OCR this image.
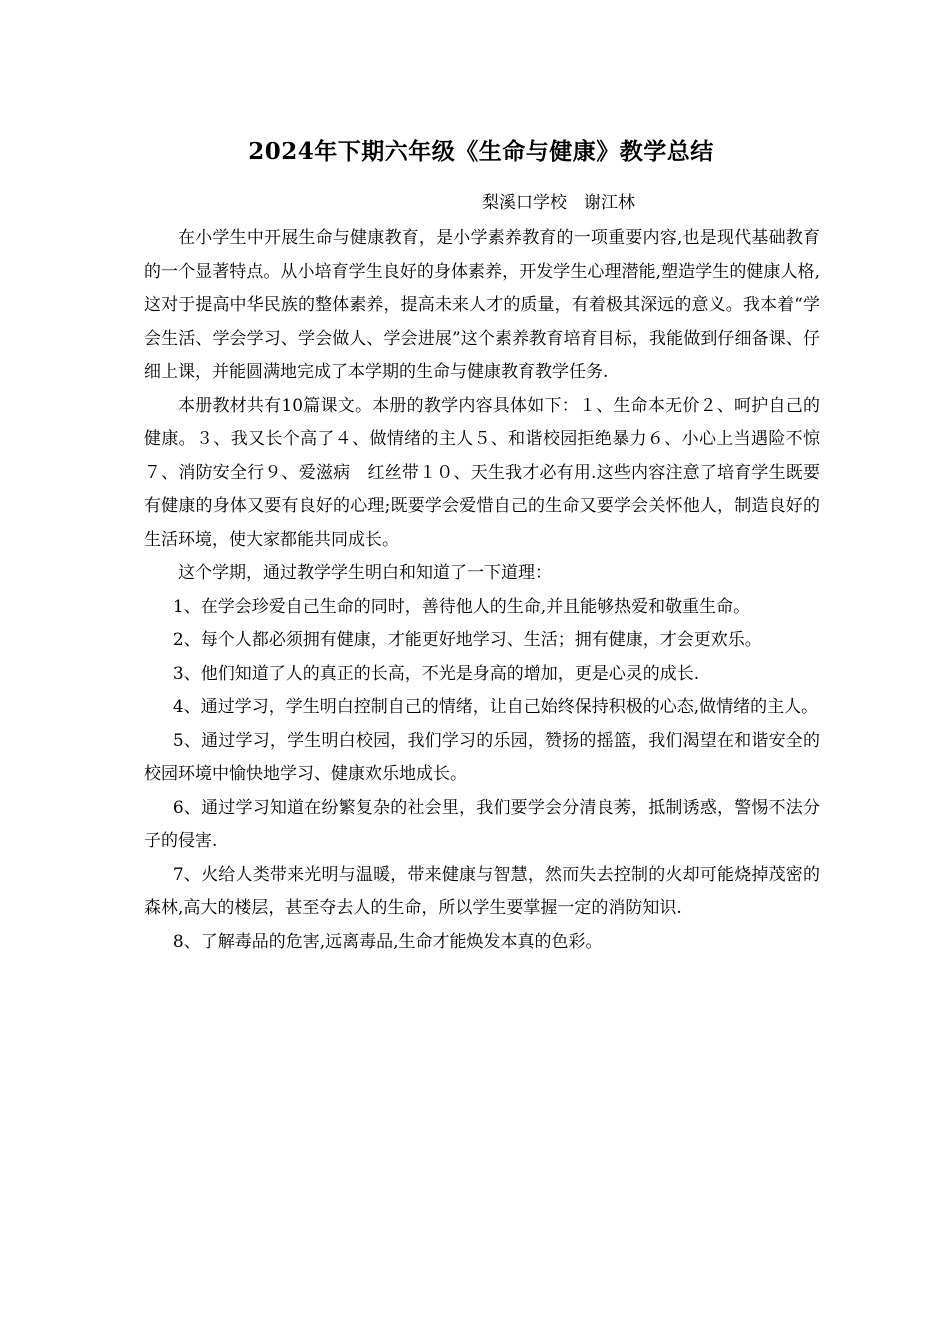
2024年下期六年级《生命与健康》教学总结
梨溪口学校　谢江林

在小学生中开展生命与健康教育，是小学素养教育的一项重要内容,也是现代基础教育的一个显著特点。从小培育学生良好的身体素养，开发学生心理潜能,塑造学生的健康人格,这对于提高中华民族的整体素养，提高未来人才的质量，有着极其深远的意义。我本着“学会生活、学会学习、学会做人、学会进展”这个素养教育培育目标，我能做到仔细备课、仔细上课，并能圆满地完成了本学期的生命与健康教育教学任务.

本册教材共有10篇课文。本册的教学内容具体如下：１、生命本无价２、呵护自己的　健康。３、我又长个高了４、做情绪的主人５、和谐校园拒绝暴力６、小心上当遇险不惊７、消防安全行９、爱滋病　红丝带１０、天生我才必有用.这些内容注意了培育学生既要有健康的身体又要有良好的心理;既要学会爱惜自己的生命又要学会关怀他人，制造良好的生活环境，使大家都能共同成长。

这个学期，通过教学学生明白和知道了一下道理：

1、在学会珍爱自己生命的同时，善待他人的生命,并且能够热爱和敬重生命。

2、每个人都必须拥有健康，才能更好地学习、生活；拥有健康，才会更欢乐。

3、他们知道了人的真正的长高，不光是身高的增加，更是心灵的成长.

4、通过学习，学生明白控制自己的情绪，让自己始终保持积极的心态,做情绪的主人。

5、通过学习，学生明白校园，我们学习的乐园，赞扬的摇篮，我们渴望在和谐安全的校园环境中愉快地学习、健康欢乐地成长。

6、通过学习知道在纷繁复杂的社会里，我们要学会分清良莠，抵制诱惑，警惕不法分子的侵害.

7、火给人类带来光明与温暖，带来健康与智慧，然而失去控制的火却可能烧掉茂密的森林,高大的楼层，甚至夺去人的生命，所以学生要掌握一定的消防知识.

8、了解毒品的危害,远离毒品,生命才能焕发本真的色彩。
